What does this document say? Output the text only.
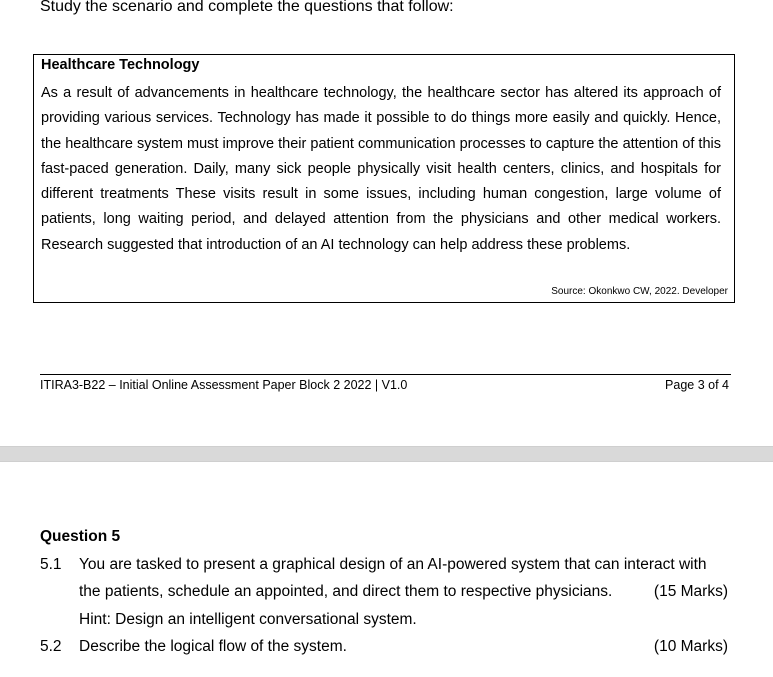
Study the scenario and complete the questions that follow:
Healthcare Technology

As a result of advancements in healthcare technology, the healthcare sector has altered its approach of providing various services. Technology has made it possible to do things more easily and quickly. Hence, the healthcare system must improve their patient communication processes to capture the attention of this fast-paced generation. Daily, many sick people physically visit health centers, clinics, and hospitals for different treatments These visits result in some issues, including human congestion, large volume of patients, long waiting period, and delayed attention from the physicians and other medical workers. Research suggested that introduction of an AI technology can help address these problems.

Source: Okonkwo CW, 2022. Developer
ITIRA3-B22 – Initial Online Assessment Paper Block 2 2022 | V1.0	Page 3 of 4
Question 5
5.1 You are tasked to present a graphical design of an AI-powered system that can interact with
the patients, schedule an appointed, and direct them to respective physicians.	(15 Marks)
Hint: Design an intelligent conversational system.
5.2 Describe the logical flow of the system.	(10 Marks)
